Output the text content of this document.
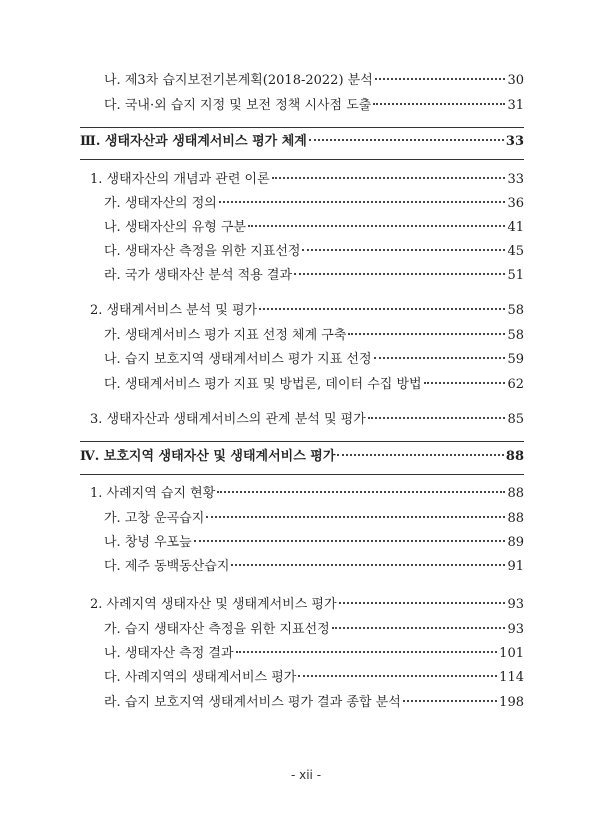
나. 제3차 습지보전기본계획(2018-2022) 분석	30
다. 국내·외 습지 지정 및 보전 정책 시사점 도출	31
Ⅲ. 생태자산과 생태계서비스 평가 체계	33
1. 생태자산의 개념과 관련 이론	33
가. 생태자산의 정의	36
나. 생태자산의 유형 구분	41
다. 생태자산 측정을 위한 지표선정	45
라. 국가 생태자산 분석 적용 결과	51
2. 생태계서비스 분석 및 평가	58
가. 생태계서비스 평가 지표 선정 체계 구축	58
나. 습지 보호지역 생태계서비스 평가 지표 선정	59
다. 생태계서비스 평가 지표 및 방법론, 데이터 수집 방법	62
3. 생태자산과 생태계서비스의 관계 분석 및 평가	85
Ⅳ. 보호지역 생태자산 및 생태계서비스 평가	88
1. 사례지역 습지 현황	88
가. 고창 운곡습지	88
나. 창녕 우포늪	89
다. 제주 동백동산습지	91
2. 사례지역 생태자산 및 생태계서비스 평가	93
가. 습지 생태자산 측정을 위한 지표선정	93
나. 생태자산 측정 결과	101
다. 사례지역의 생태계서비스 평가	114
라. 습지 보호지역 생태계서비스 평가 결과 종합 분석	198
- xii -
